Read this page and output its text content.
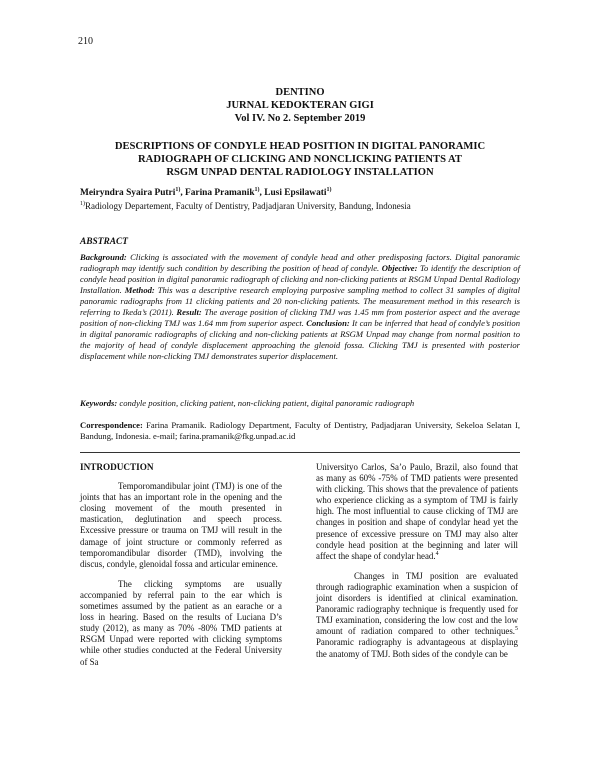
210
DENTINO
JURNAL KEDOKTERAN GIGI
Vol IV. No 2. September 2019
DESCRIPTIONS OF CONDYLE HEAD POSITION IN DIGITAL PANORAMIC
RADIOGRAPH OF CLICKING AND NONCLICKING PATIENTS AT
RSGM UNPAD DENTAL RADIOLOGY INSTALLATION
Meiryndra Syaira Putri$^{1)}$, Farina Pramanik$^{1)}$, Lusi Epsilawati$^{1)}$
$^{1)}$Radiology Departement, Faculty of Dentistry, Padjadjaran University, Bandung, Indonesia
ABSTRACT
Background: Clicking is associated with the movement of condyle head and other predisposing factors. Digital panoramic radiograph may identify such condition by describing the position of head of condyle. Objective: To identify the description of condyle head position in digital panoramic radiograph of clicking and non-clicking patients at RSGM Unpad Dental Radiology Installation. Method: This was a descriptive research employing purposive sampling method to collect 31 samples of digital panoramic radiographs from 11 clicking patients and 20 non-clicking patients. The measurement method in this research is referring to Ikeda’s (2011). Result: The average position of clicking TMJ was 1.45 mm from posterior aspect and the average position of non-clicking TMJ was 1.64 mm from superior aspect. Conclusion: It can be inferred that head of condyle’s position in digital panoramic radiographs of clicking and non-clicking patients at RSGM Unpad may change from normal position to the majority of head of condyle displacement approaching the glenoid fossa. Clicking TMJ is presented with posterior displacement while non-clicking TMJ demonstrates superior displacement.
Keywords: condyle position, clicking patient, non-clicking patient, digital panoramic radiograph
Correspondence: Farina Pramanik. Radiology Department, Faculty of Dentistry, Padjadjaran University, Sekeloa Selatan I, Bandung, Indonesia. e-mail; farina.pramanik@fkg.unpad.ac.id
INTRODUCTION

Temporomandibular joint (TMJ) is one of the joints that has an important role in the opening and the closing movement of the mouth presented in mastication, deglutination and speech process. Excessive pressure or trauma on TMJ will result in the damage of joint structure or commonly referred as temporomandibular disorder (TMD), involving the discus, condyle, glenoidal fossa and articular eminence.

The clicking symptoms are usually accompanied by referral pain to the ear which is sometimes assumed by the patient as an earache or a loss in hearing. Based on the results of Luciana D’s study (2012), as many as 70% -80% TMD patients at RSGM Unpad were reported with clicking symptoms while other studies conducted at the Federal University of Sa

Universityo Carlos, Sa’o Paulo, Brazil, also found that as many as 60% -75% of TMD patients were presented with clicking. This shows that the prevalence of patients who experience clicking as a symptom of TMJ is fairly high. The most influential to cause clicking of TMJ are changes in position and shape of condylar head yet the presence of excessive pressure on TMJ may also alter condyle head position at the beginning and later will affect the shape of condylar head.$^4$

Changes in TMJ position are evaluated through radiographic examination when a suspicion of joint disorders is identified at clinical examination. Panoramic radiography technique is frequently used for TMJ examination, considering the low cost and the low amount of radiation compared to other techniques.$^5$ Panoramic radiography is advantageous at displaying the anatomy of TMJ. Both sides of the condyle can be
